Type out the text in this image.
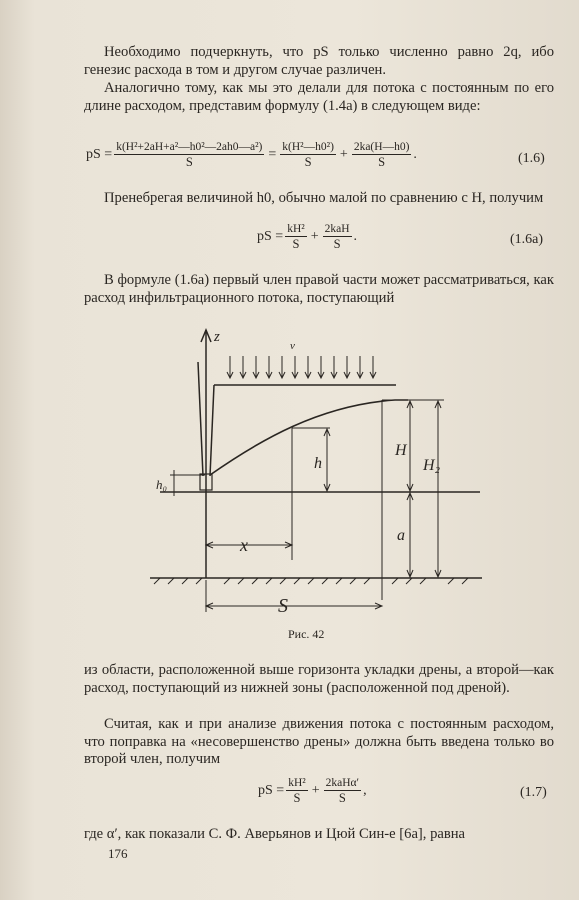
Необходимо подчеркнуть, что pS только численно равно 2q, ибо генезис расхода в том и другом случае различен.

Аналогично тому, как мы это делали для потока с постоянным по его длине расходом, представим формулу (1.4а) в следующем виде:

pS = $\frac{\text{k(H²+2aH+a²—h0²—2ah0—a²)}}{S} = \frac{\text{k(H²—h0²)}}{S} + \frac{2ka(H—h0)}{S}$ .	(1.6)

Пренебрегая величиной h0, обычно малой по сравнению с H, получим

pS = $\frac{\text{kH²}}{S} + \frac{\text{2kaH}}{S}$ .	(1.6а)

В формуле (1.6а) первый член правой части может рассматриваться, как расход инфильтрационного потока, поступающий

z
v
h₀
h
H
H₂
a
x
S
Рис. 42

из области, расположенной выше горизонта укладки дрены, а второй—как расход, поступающий из нижней зоны (расположенной под дреной).

Считая, как и при анализе движения потока с постоянным расходом, что поправка на «несовершенство дрены» должна быть введена только во второй член, получим

pS = $\frac{\text{kH²}}{S} + \frac{\text{2kaHα′}}{S}$ ,	(1.7)

где α′, как показали С. Ф. Аверьянов и Цюй Син-е [6а], равна

176
